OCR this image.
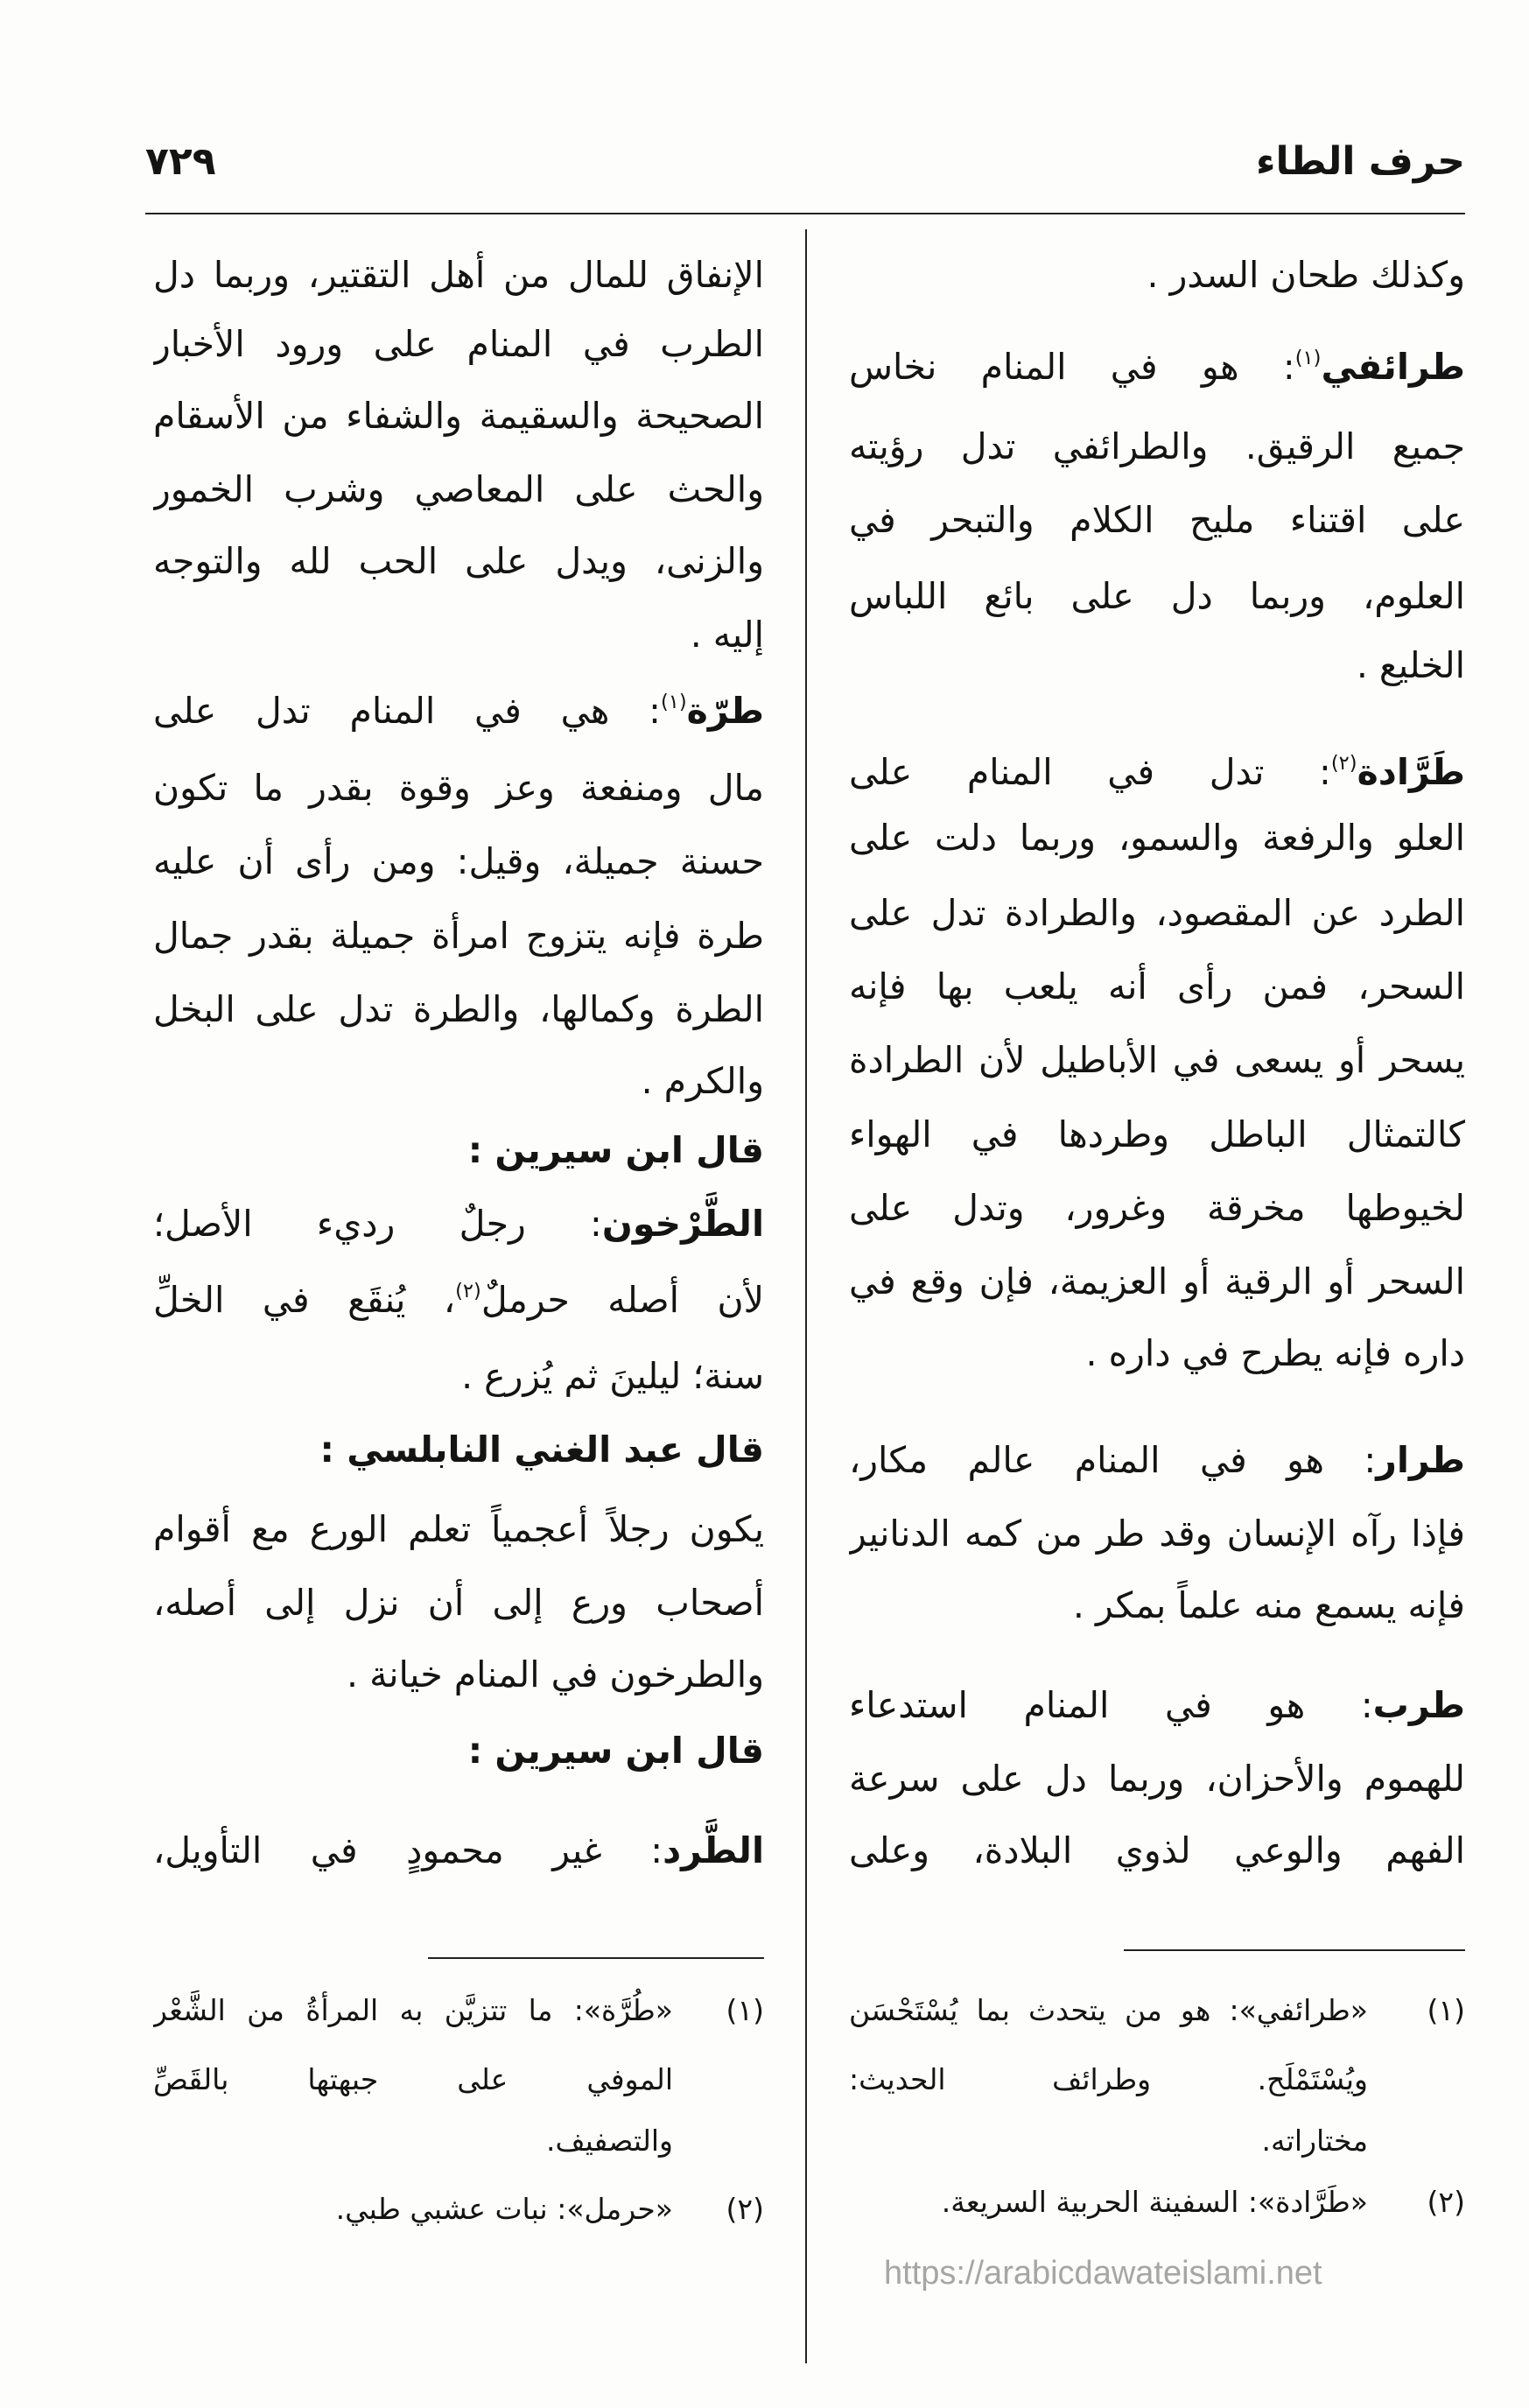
حرف الطاء
٧٢٩
وكذلك طحان السدر .
طرائفي$^{(١)}$: هو في المنام نخاس
جميع الرقيق. والطرائفي تدل رؤيته
على اقتناء مليح الكلام والتبحر في
العلوم، وربما دل على بائع اللباس
الخليع .
طَرَّادة$^{(٢)}$: تدل في المنام على
العلو والرفعة والسمو، وربما دلت على
الطرد عن المقصود، والطرادة تدل على
السحر، فمن رأى أنه يلعب بها فإنه
يسحر أو يسعى في الأباطيل لأن الطرادة
كالتمثال الباطل وطردها في الهواء
لخيوطها مخرقة وغرور، وتدل على
السحر أو الرقية أو العزيمة، فإن وقع في
داره فإنه يطرح في داره .
طرار: هو في المنام عالم مكار،
فإذا رآه الإنسان وقد طر من كمه الدنانير
فإنه يسمع منه علماً بمكر .
طرب: هو في المنام استدعاء
للهموم والأحزان، وربما دل على سرعة
الفهم والوعي لذوي البلادة، وعلى
(١)
«طرائفي»: هو من يتحدث بما يُسْتَحْسَن
ويُسْتَمْلَح. وطرائف الحديث:
مختاراته.
(٢)
«طَرَّادة»: السفينة الحربية السريعة.
الإنفاق للمال من أهل التقتير، وربما دل
الطرب في المنام على ورود الأخبار
الصحيحة والسقيمة والشفاء من الأسقام
والحث على المعاصي وشرب الخمور
والزنى، ويدل على الحب لله والتوجه
إليه .
طرّة$^{(١)}$: هي في المنام تدل على
مال ومنفعة وعز وقوة بقدر ما تكون
حسنة جميلة، وقيل: ومن رأى أن عليه
طرة فإنه يتزوج امرأة جميلة بقدر جمال
الطرة وكمالها، والطرة تدل على البخل
والكرم .
قال ابن سيرين :
الطَّرْخون: رجلٌ رديء الأصل؛
لأن أصله حرملٌ$^{(٢)}$، يُنقَع في الخلِّ
سنة؛ ليلينَ ثم يُزرع .
قال عبد الغني النابلسي :
يكون رجلاً أعجمياً تعلم الورع مع أقوام
أصحاب ورع إلى أن نزل إلى أصله،
والطرخون في المنام خيانة .
قال ابن سيرين :
الطَّرد: غير محمودٍ في التأويل،
(١)
«طُرَّة»: ما تتزيَّن به المرأةُ من الشَّعْر
الموفي على جبهتها بالقَصِّ
والتصفيف.
(٢)
«حرمل»: نبات عشبي طبي.
https://arabicdawateislami.net
